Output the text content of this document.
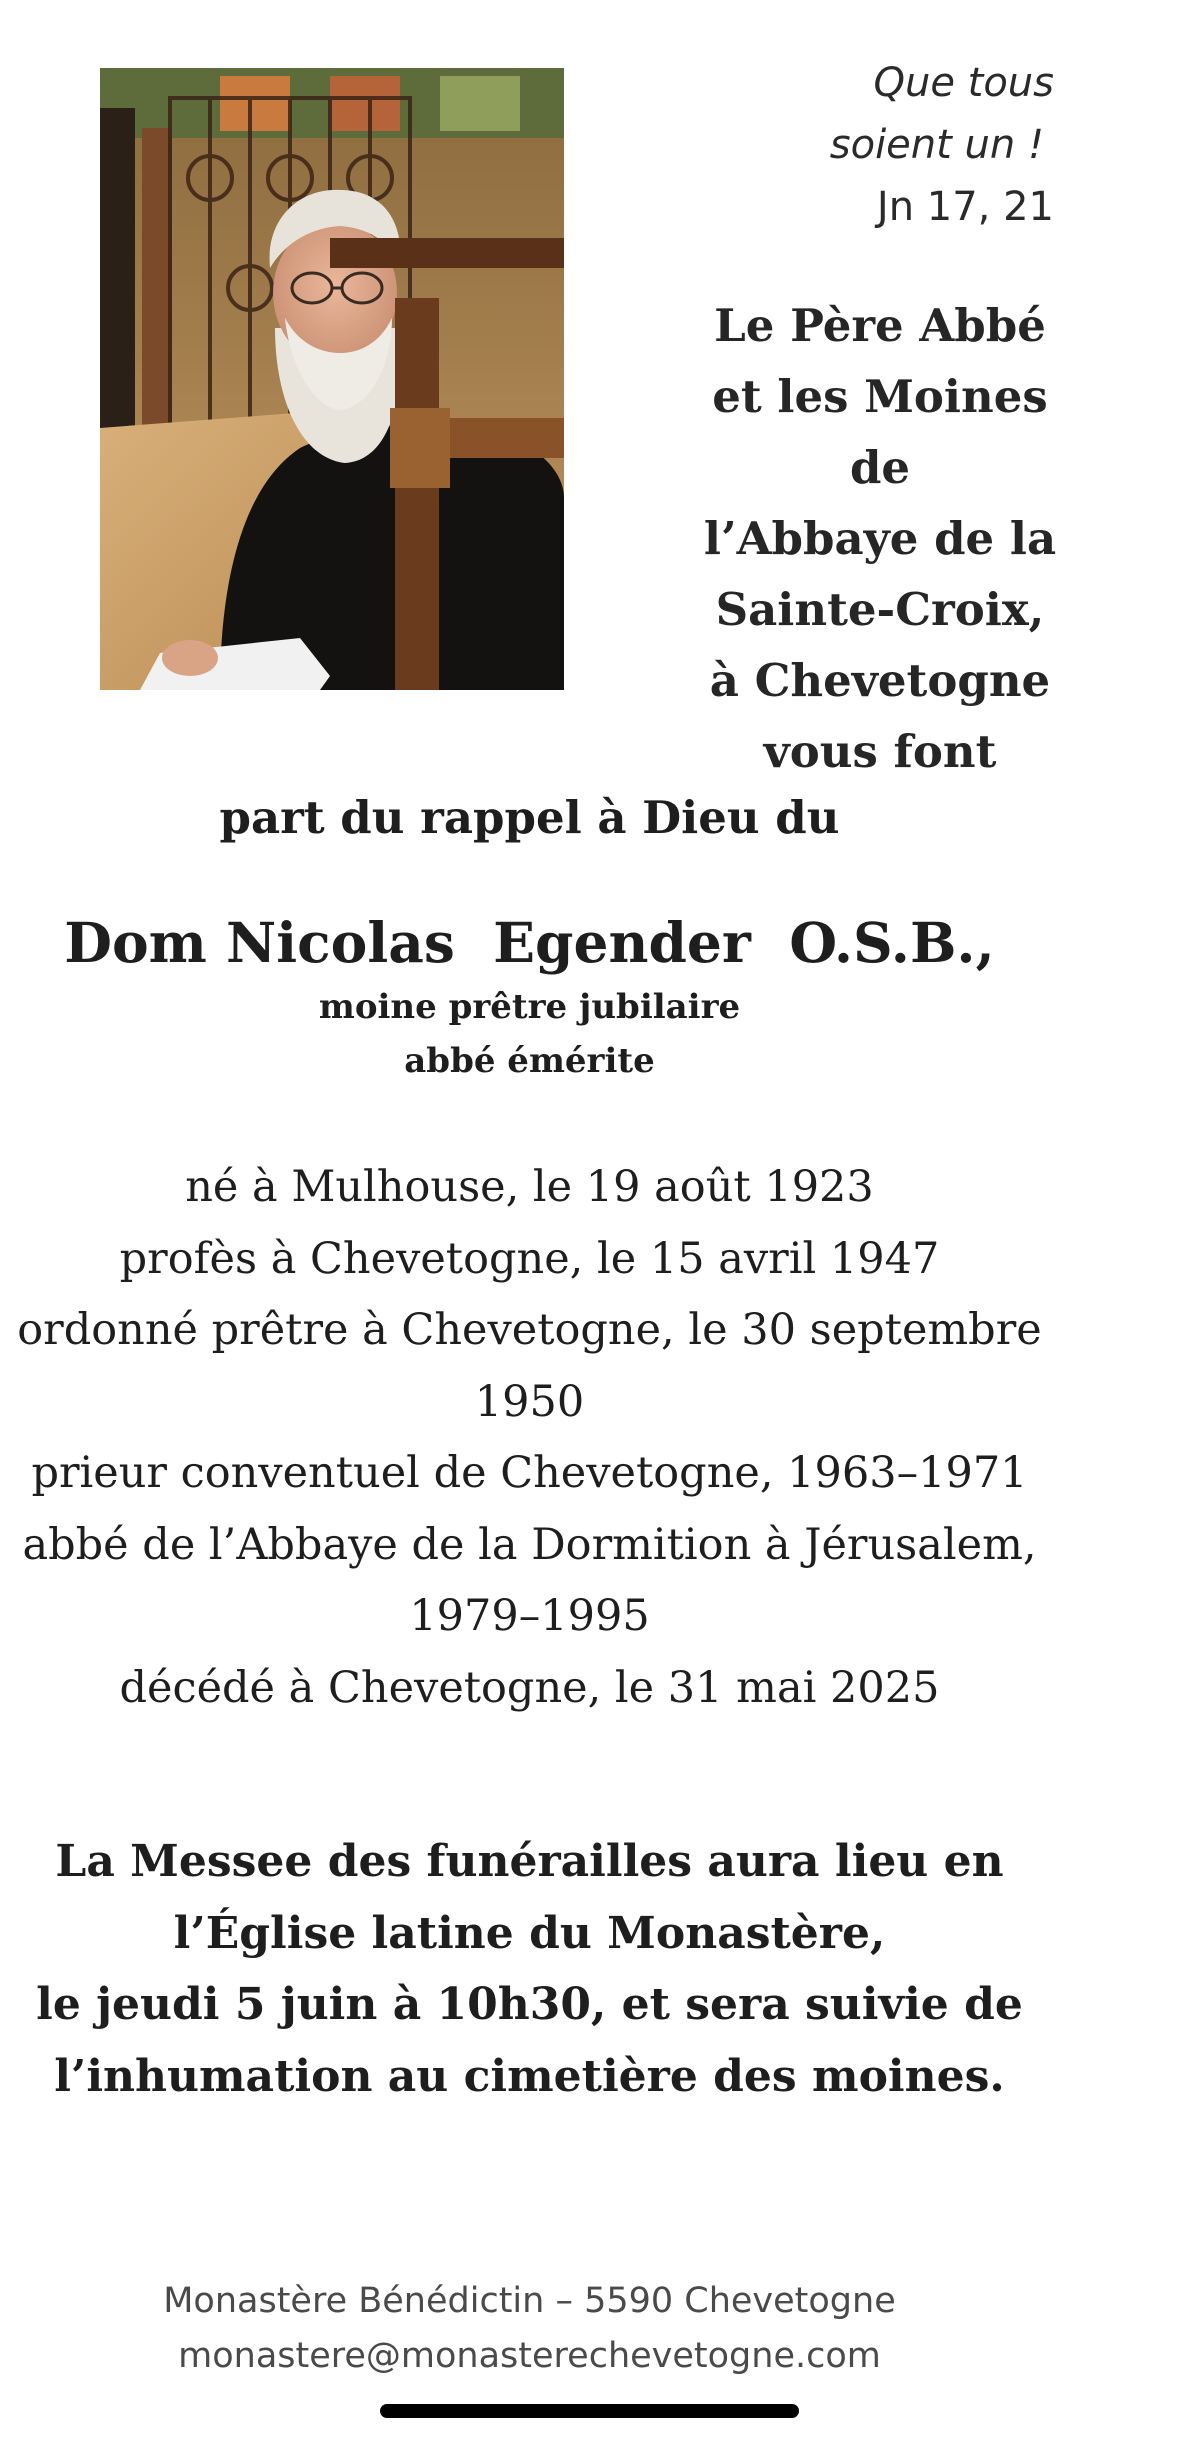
Que tous
soient un !
Jn 17, 21
Le Père Abbé
et les Moines
de
l’Abbaye de la
Sainte-Croix,
à Chevetogne
vous font
part du rappel à Dieu du
Dom Nicolas  Egender  O.S.B.,
moine prêtre jubilaire
abbé émérite
né à Mulhouse, le 19 août 1923
profès à Chevetogne, le 15 avril 1947
ordonné prêtre à Chevetogne, le 30 septembre
1950
prieur conventuel de Chevetogne, 1963–1971
abbé de l’Abbaye de la Dormition à Jérusalem,
1979–1995
décédé à Chevetogne, le 31 mai 2025
La Messee des funérailles aura lieu en
l’Église latine du Monastère,
le jeudi 5 juin à 10h30, et sera suivie de
l’inhumation au cimetière des moines.
Monastère Bénédictin – 5590 Chevetogne
monastere@monasterechevetogne.com
